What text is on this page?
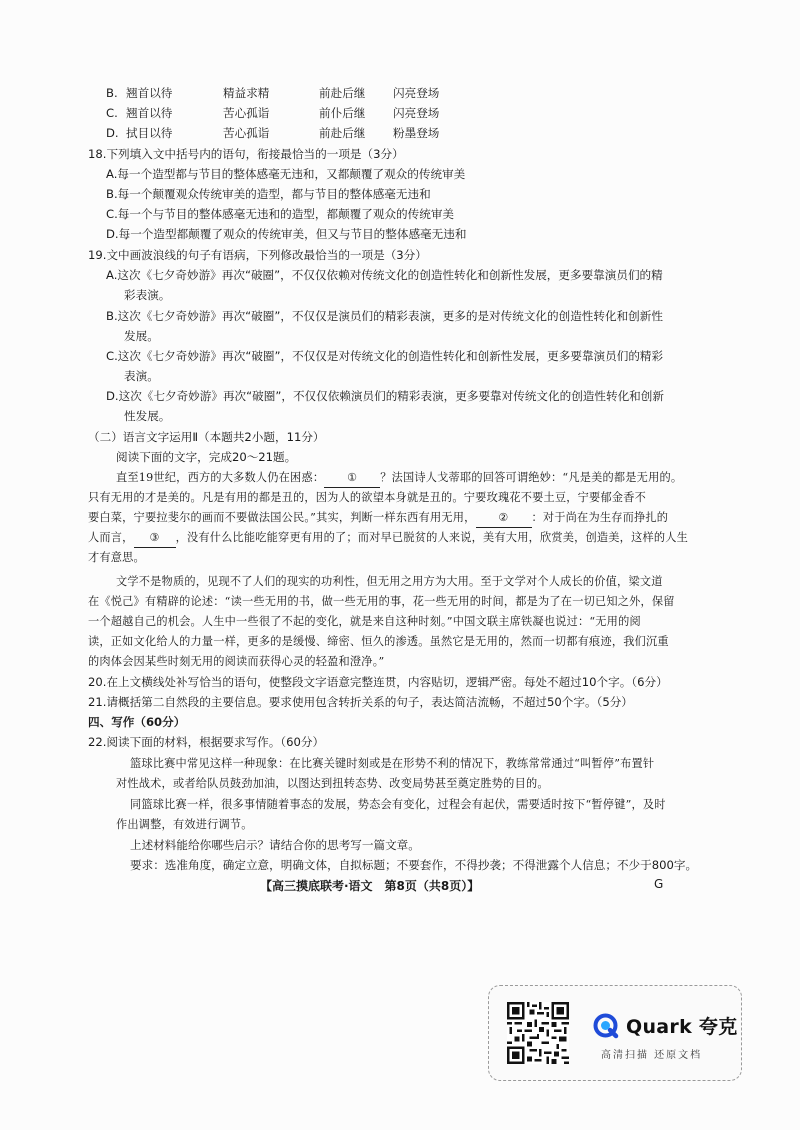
B. 翘首以待	精益求精	前赴后继 闪亮登场
C. 翘首以待	苦心孤诣	前仆后继 闪亮登场
D. 拭目以待	苦心孤诣	前赴后继 粉墨登场
18.下列填入文中括号内的语句，衔接最恰当的一项是（3分）
A.每一个造型都与节目的整体感毫无违和，又都颠覆了观众的传统审美
B.每一个颠覆观众传统审美的造型，都与节目的整体感毫无违和
C.每一个与节目的整体感毫无违和的造型，都颠覆了观众的传统审美
D.每一个造型都颠覆了观众的传统审美，但又与节目的整体感毫无违和
19.文中画波浪线的句子有语病，下列修改最恰当的一项是（3分）
A.这次《七夕奇妙游》再次“破圈”，不仅仅依赖对传统文化的创造性转化和创新性发展，更多要靠演员们的精
彩表演。
B.这次《七夕奇妙游》再次“破圈”，不仅仅是演员们的精彩表演，更多的是对传统文化的创造性转化和创新性
发展。
C.这次《七夕奇妙游》再次“破圈”，不仅仅是对传统文化的创造性转化和创新性发展，更多要靠演员们的精彩
表演。
D.这次《七夕奇妙游》再次“破圈”，不仅仅依赖演员们的精彩表演，更多要靠对传统文化的创造性转化和创新
性发展。
（二）语言文字运用Ⅱ（本题共2小题，11分）
阅读下面的文字，完成20～21题。
直至19世纪，西方的大多数人仍在困惑： ① ？法国诗人戈蒂耶的回答可谓绝妙：“凡是美的都是无用的。
只有无用的才是美的。凡是有用的都是丑的，因为人的欲望本身就是丑的。宁要玫瑰花不要土豆，宁要郁金香不
要白菜，宁要拉斐尔的画而不要做法国公民。”其实，判断一样东西有用无用， ② ：对于尚在为生存而挣扎的
人而言， ③ ，没有什么比能吃能穿更有用的了；而对早已脱贫的人来说，美有大用，欣赏美，创造美，这样的人生
才有意思。
文学不是物质的，见现不了人们的现实的功利性，但无用之用方为大用。至于文学对个人成长的价值，梁文道
在《悦己》有精辟的论述：“读一些无用的书，做一些无用的事，花一些无用的时间，都是为了在一切已知之外，保留
一个超越自己的机会。人生中一些很了不起的变化，就是来自这种时刻。”中国文联主席铁凝也说过：“无用的阅
读，正如文化给人的力量一样，更多的是缓慢、缔密、恒久的渗透。虽然它是无用的，然而一切都有痕迹，我们沉重
的肉体会因某些时刻无用的阅读而获得心灵的轻盈和澄净。”
20.在上文横线处补写恰当的语句，使整段文字语意完整连贯，内容贴切，逻辑严密。每处不超过10个字。（6分）
21.请概括第二自然段的主要信息。要求使用包含转折关系的句子，表达简洁流畅，不超过50个字。（5分）
四、写作（60分）
22.阅读下面的材料，根据要求写作。（60分）
篮球比赛中常见这样一种现象：在比赛关键时刻或是在形势不利的情况下，教练常常通过“叫暂停”布置针
对性战术，或者给队员鼓劲加油，以图达到扭转态势、改变局势甚至奠定胜势的目的。
同篮球比赛一样，很多事情随着事态的发展，势态会有变化，过程会有起伏，需要适时按下“暂停键”，及时
作出调整，有效进行调节。
上述材料能给你哪些启示？请结合你的思考写一篇文章。
要求：选准角度，确定立意，明确文体，自拟标题；不要套作，不得抄袭；不得泄露个人信息；不少于800字。
【高三摸底联考·语文　第8页（共8页）】	G
Quark 夸克
高清扫描 还原文档
